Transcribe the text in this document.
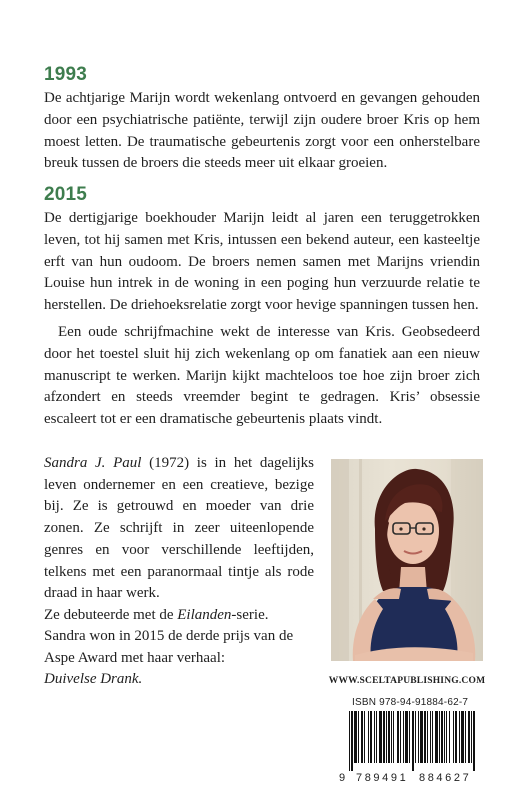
1993

De achtjarige Marijn wordt wekenlang ontvoerd en gevangen gehouden door een psychiatrische patiënte, terwijl zijn oudere broer Kris op hem moest letten. De traumatische gebeurtenis zorgt voor een onherstelbare breuk tussen de broers die steeds meer uit elkaar groeien.

2015

De dertigjarige boekhouder Marijn leidt al jaren een teruggetrokken leven, tot hij samen met Kris, intussen een bekend auteur, een kasteeltje erft van hun oudoom. De broers nemen samen met Marijns vriendin Louise hun intrek in de woning in een poging hun verzuurde relatie te herstellen. De driehoeksrelatie zorgt voor hevige spanningen tussen hen.

Een oude schrijfmachine wekt de interesse van Kris. Geobsedeerd door het toestel sluit hij zich wekenlang op om fanatiek aan een nieuw manuscript te werken. Marijn kijkt machteloos toe hoe zijn broer zich afzondert en steeds vreemder begint te gedragen. Kris’ obsessie escaleert tot er een dramatische gebeurtenis plaats vindt.

Sandra J. Paul (1972) is in het dagelijks leven ondernemer en een creatieve, bezige bij. Ze is getrouwd en moeder van drie zonen. Ze schrijft in zeer uiteenlopende genres en voor verschillende leeftijden, telkens met een paranormaal tintje als rode draad in haar werk.
Ze debuteerde met de Eilanden-serie.

Sandra won in 2015 de derde prijs van de Aspe Award met haar verhaal:
Duivelse Drank.	WWW.SCELTAPUBLISHING.COM
ISBN 978-94-91884-62-7
9 789491 884627
